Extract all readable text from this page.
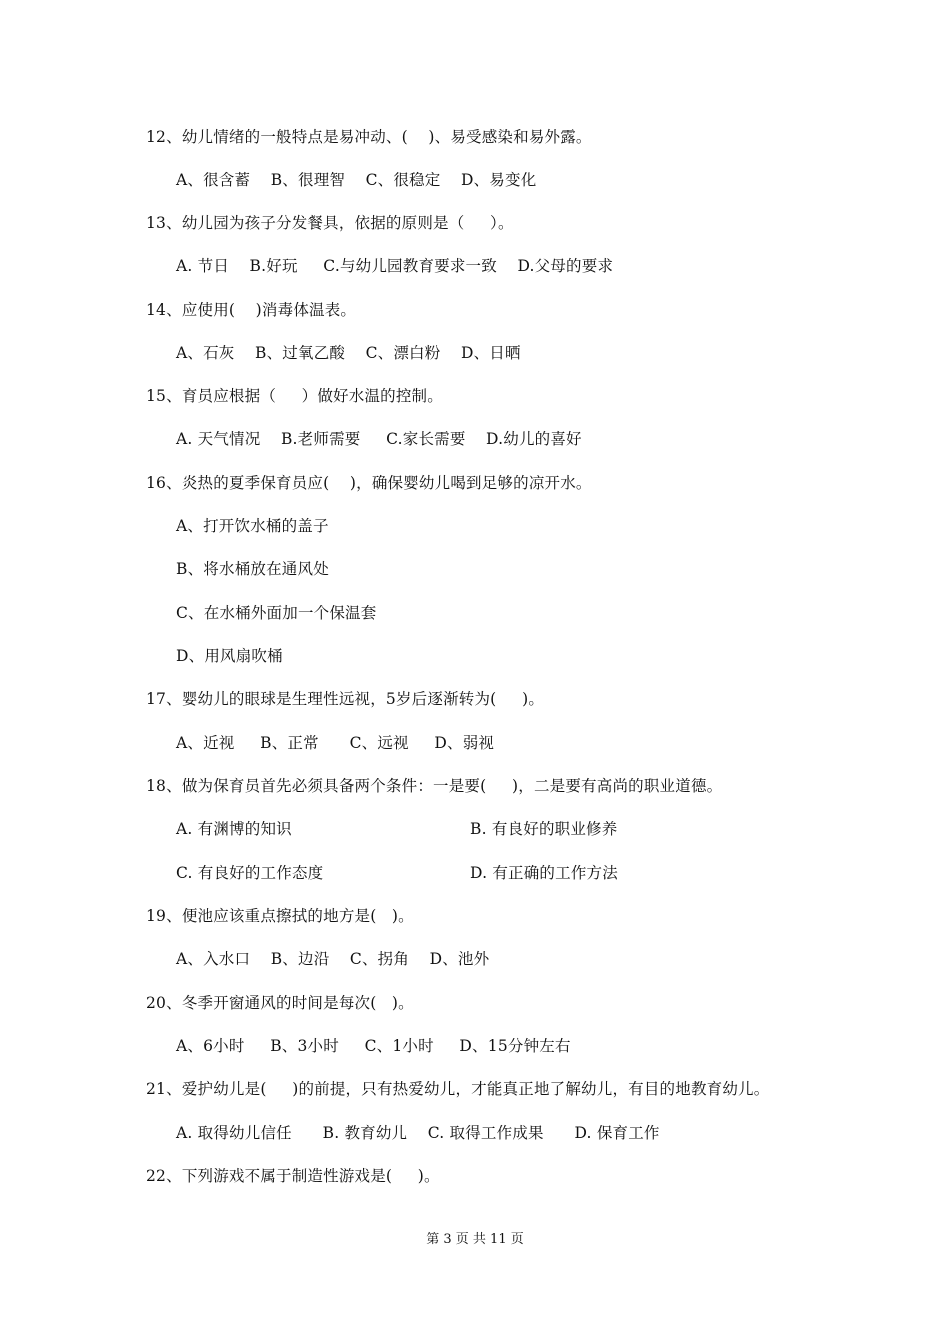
12、幼儿情绪的一般特点是易冲动、(    )、易受感染和易外露。
A、很含蓄    B、很理智    C、很稳定    D、易变化
13、幼儿园为孩子分发餐具，依据的原则是（     ）。
A. 节日    B.好玩     C.与幼儿园教育要求一致    D.父母的要求
14、应使用(    )消毒体温表。
A、石灰    B、过氧乙酸    C、漂白粉    D、日晒
15、育员应根据（     ）做好水温的控制。
A. 天气情况    B.老师需要     C.家长需要    D.幼儿的喜好
16、炎热的夏季保育员应(    )，确保婴幼儿喝到足够的凉开水。
A、打开饮水桶的盖子
B、将水桶放在通风处
C、在水桶外面加一个保温套
D、用风扇吹桶
17、婴幼儿的眼球是生理性远视，5岁后逐渐转为(     )。
A、近视     B、正常      C、远视     D、弱视
18、做为保育员首先必须具备两个条件：一是要(     )，二是要有高尚的职业道德。
A. 有渊博的知识	B. 有良好的职业修养
C. 有良好的工作态度	D. 有正确的工作方法
19、便池应该重点擦拭的地方是(   )。
A、入水口    B、边沿    C、拐角    D、池外
20、冬季开窗通风的时间是每次(   )。
A、6小时     B、3小时     C、1小时     D、15分钟左右
21、爱护幼儿是(     )的前提，只有热爱幼儿，才能真正地了解幼儿，有目的地教育幼儿。
A. 取得幼儿信任      B. 教育幼儿    C. 取得工作成果      D. 保育工作
22、下列游戏不属于制造性游戏是(     )。
第 3 页 共 11 页
